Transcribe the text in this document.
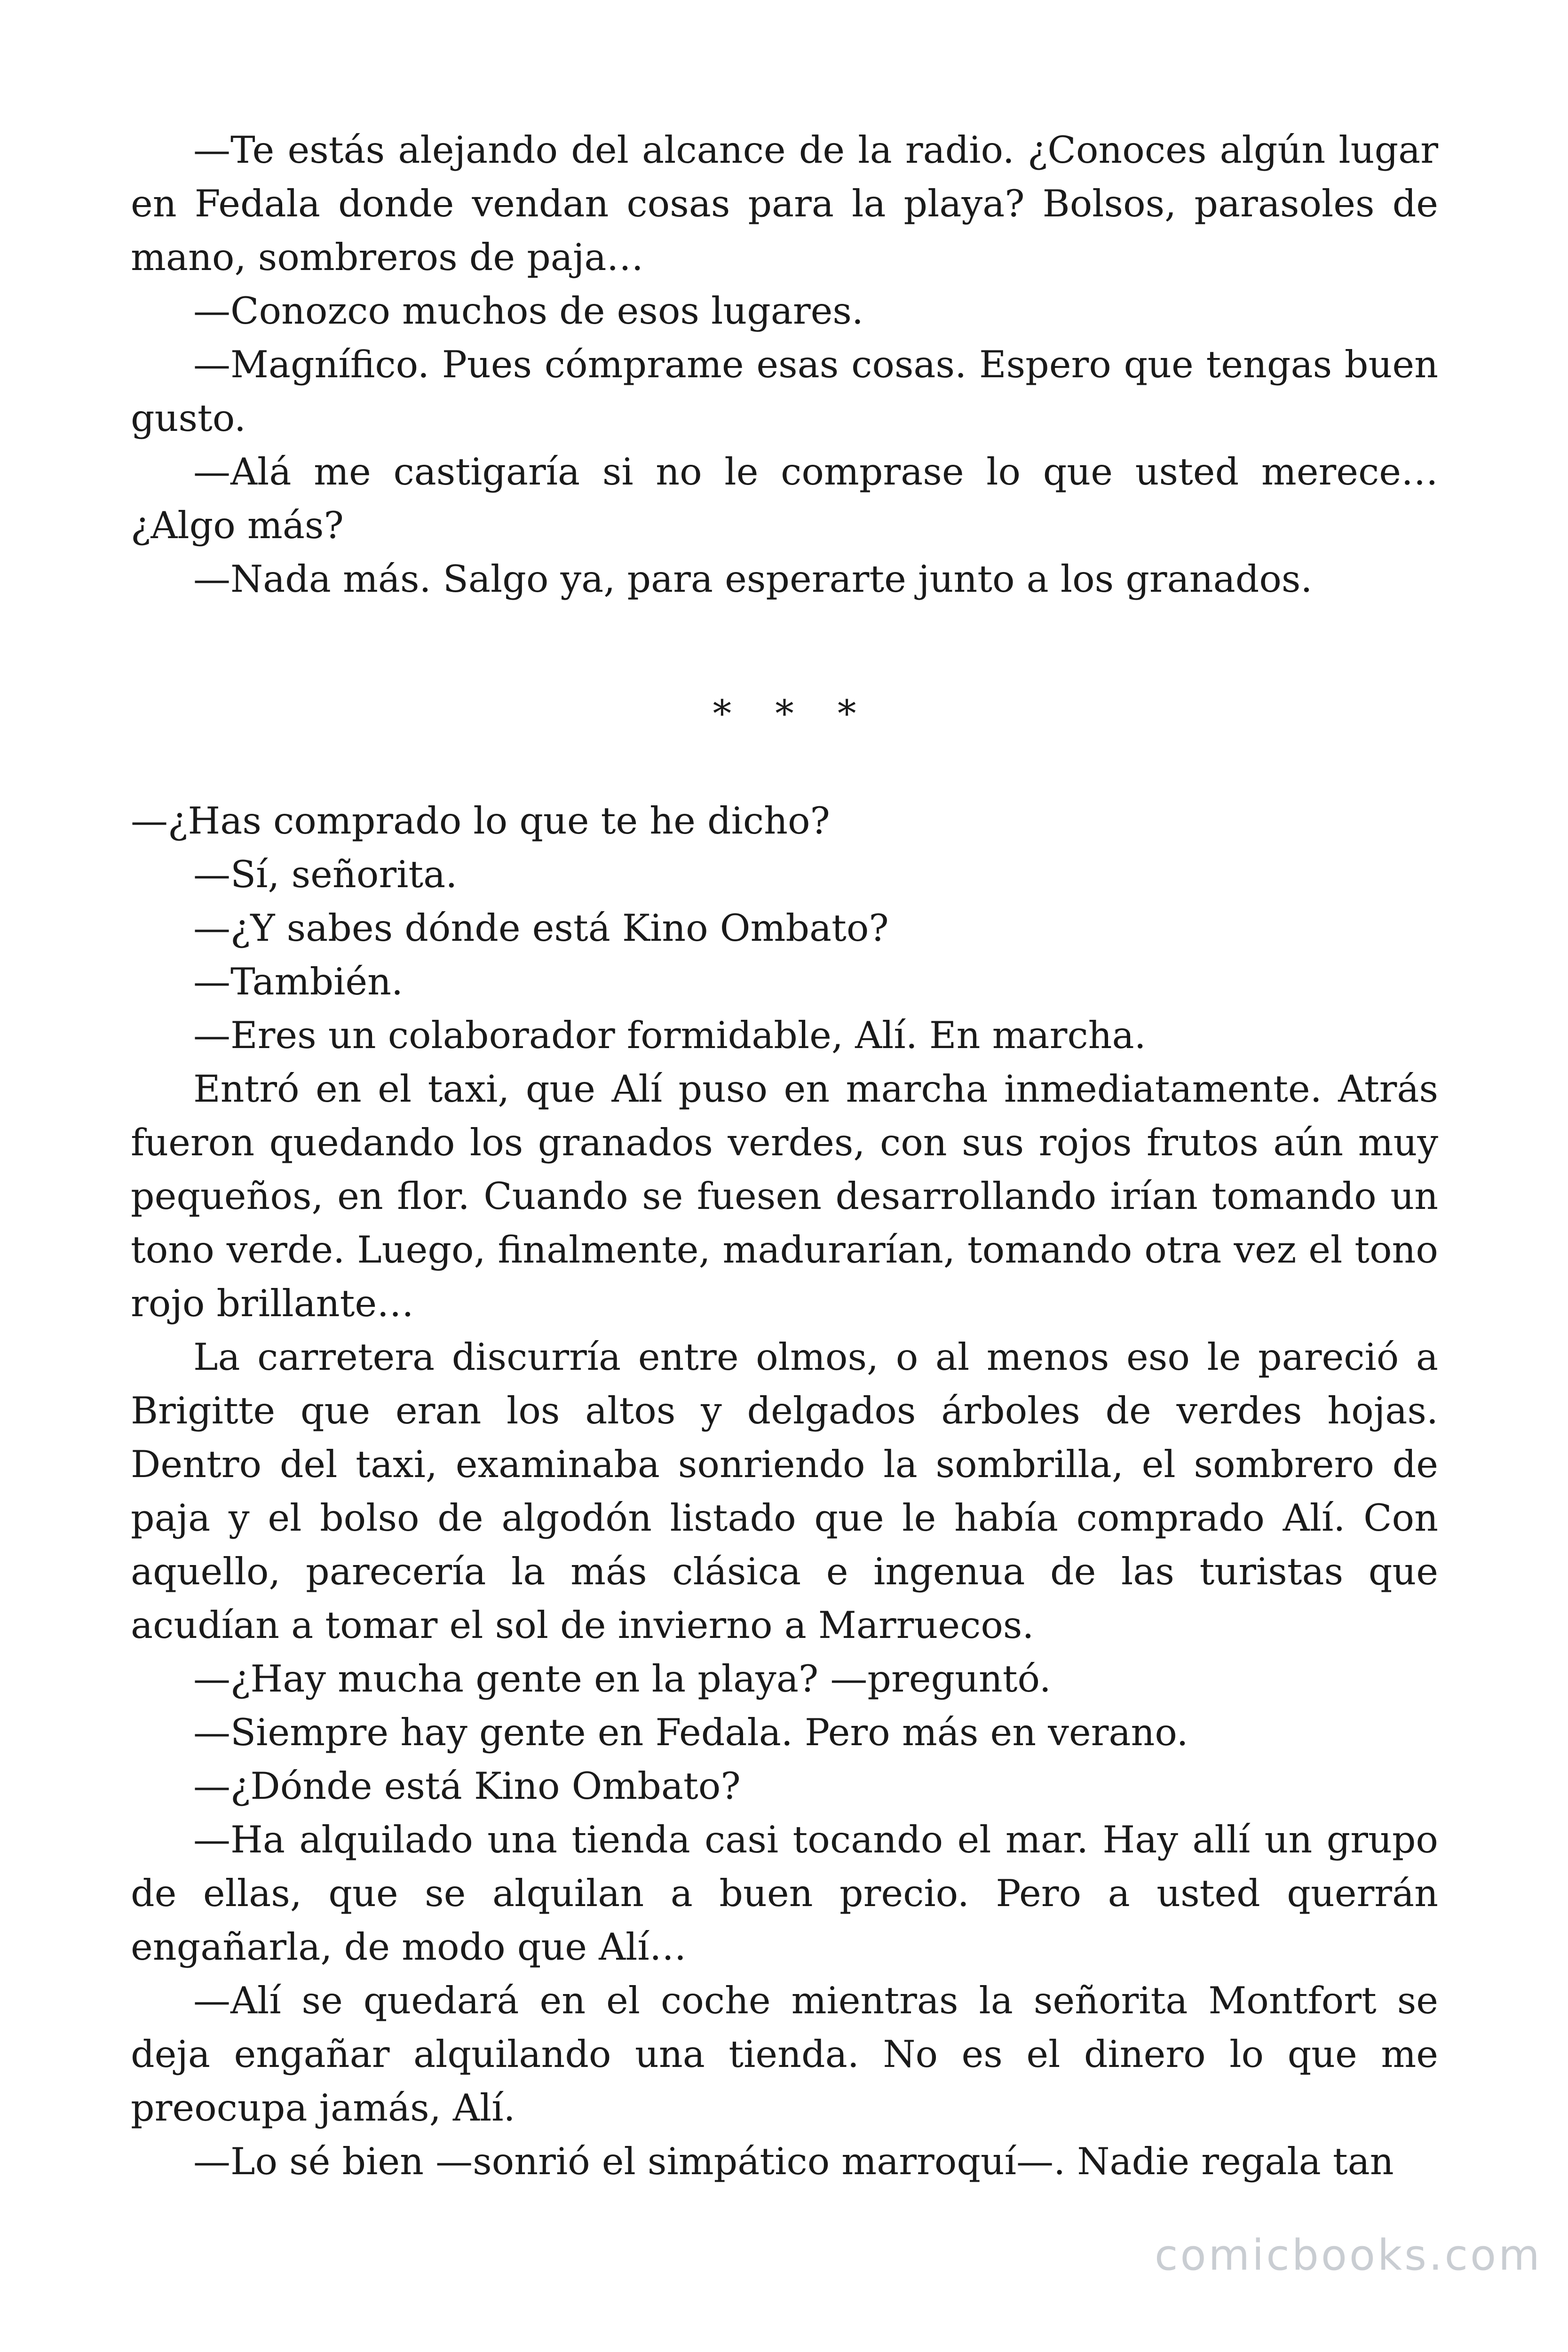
—Te estás alejando del alcance de la radio. ¿Conoces algún lugar en Fedala donde vendan cosas para la playa? Bolsos, parasoles de mano, sombreros de paja…

—Conozco muchos de esos lugares.

—Magnífico. Pues cómprame esas cosas. Espero que tengas buen gusto.

—Alá me castigaría si no le comprase lo que usted merece… ¿Algo más?

—Nada más. Salgo ya, para esperarte junto a los granados.

* * *

—¿Has comprado lo que te he dicho?

—Sí, señorita.

—¿Y sabes dónde está Kino Ombato?

—También.

—Eres un colaborador formidable, Alí. En marcha.

Entró en el taxi, que Alí puso en marcha inmediatamente. Atrás fueron quedando los granados verdes, con sus rojos frutos aún muy pequeños, en flor. Cuando se fuesen desarrollando irían tomando un tono verde. Luego, finalmente, madurarían, tomando otra vez el tono rojo brillante…

La carretera discurría entre olmos, o al menos eso le pareció a Brigitte que eran los altos y delgados árboles de verdes hojas. Dentro del taxi, examinaba sonriendo la sombrilla, el sombrero de paja y el bolso de algodón listado que le había comprado Alí. Con aquello, parecería la más clásica e ingenua de las turistas que acudían a tomar el sol de invierno a Marruecos.

—¿Hay mucha gente en la playa? —preguntó.

—Siempre hay gente en Fedala. Pero más en verano.

—¿Dónde está Kino Ombato?

—Ha alquilado una tienda casi tocando el mar. Hay allí un grupo de ellas, que se alquilan a buen precio. Pero a usted querrán engañarla, de modo que Alí…

—Alí se quedará en el coche mientras la señorita Montfort se deja engañar alquilando una tienda. No es el dinero lo que me preocupa jamás, Alí.

—Lo sé bien —sonrió el simpático marroquí—. Nadie regala tan

comicbooks.com
